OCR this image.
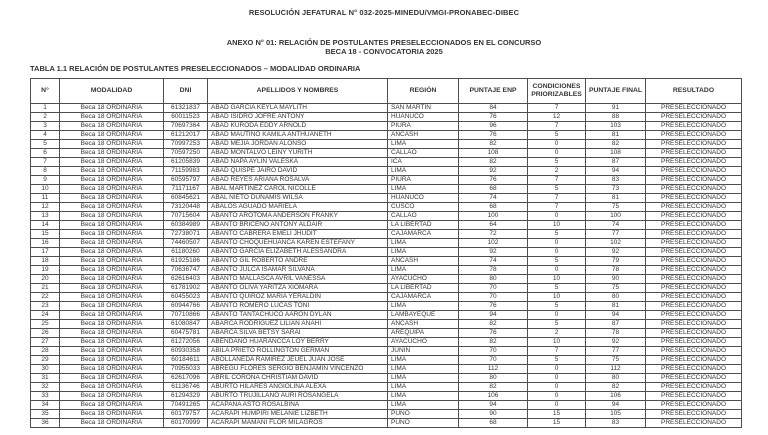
RESOLUCIÓN JEFATURAL N° 032-2025-MINEDU/VMGI-PRONABEC-DIBEC
ANEXO N° 01: RELACIÓN DE POSTULANTES PRESELECCIONADOS EN EL CONCURSO
BECA 18 - CONVOCATORIA 2025
TABLA 1.1 RELACIÓN DE POSTULANTES PRESELECCIONADOS – MODALIDAD ORDINARIA
N°	MODALIDAD	DNI	APELLIDOS Y NOMBRES	REGIÓN	PUNTAJE ENP	CONDICIONES PRIORIZABLES	PUNTAJE FINAL	RESULTADO
1	Beca 18 ORDINARIA	61321837	ABAD GARCIA KEYLA MAYLITH	SAN MARTIN	84	7	91	PRESELECCIONADO
2	Beca 18 ORDINARIA	60011523	ABAD ISIDRO JOFRE ANTONY	HUANUCO	76	12	88	PRESELECCIONADO
3	Beca 18 ORDINARIA	70697364	ABAD KURODA EDDY ARNOLD	PIURA	96	7	103	PRESELECCIONADO
4	Beca 18 ORDINARIA	61212017	ABAD MAUTINO KAMILA ANTHUANETH	ANCASH	76	5	81	PRESELECCIONADO
5	Beca 18 ORDINARIA	70997253	ABAD MEJIA JORDAN ALONSO	LIMA	82	0	82	PRESELECCIONADO
6	Beca 18 ORDINARIA	70597250	ABAD MONTALVO LEINY YURITH	CALLAO	108	0	108	PRESELECCIONADO
7	Beca 18 ORDINARIA	61205839	ABAD NAPA AYLIN VALESKA	ICA	82	5	87	PRESELECCIONADO
8	Beca 18 ORDINARIA	71159983	ABAD QUISPE JAIRO DAVID	LIMA	92	2	94	PRESELECCIONADO
9	Beca 18 ORDINARIA	60595797	ABAD REYES ARIANA ROSALVA	PIURA	76	7	83	PRESELECCIONADO
10	Beca 18 ORDINARIA	71171167	ABAL MARTINEZ CAROL NICOLLE	LIMA	68	5	73	PRESELECCIONADO
11	Beca 18 ORDINARIA	60845621	ABAL NIETO DUNAMIS WILSA	HUANUCO	74	7	81	PRESELECCIONADO
12	Beca 18 ORDINARIA	73120448	ABALOS AGUADO MARIELA	CUSCO	68	7	75	PRESELECCIONADO
13	Beca 18 ORDINARIA	70715604	ABANTO AROTOMA ANDERSON FRANKY	CALLAO	100	0	100	PRESELECCIONADO
14	Beca 18 ORDINARIA	60384989	ABANTO BRICEÑO ANTONY ALDAIR	LA LIBERTAD	64	10	74	PRESELECCIONADO
15	Beca 18 ORDINARIA	72738071	ABANTO CABRERA EMELI JHUDIT	CAJAMARCA	72	5	77	PRESELECCIONADO
16	Beca 18 ORDINARIA	74460507	ABANTO CHOQUEHUANCA KAREN ESTEFANY	LIMA	102	0	102	PRESELECCIONADO
17	Beca 18 ORDINARIA	61180260	ABANTO GARCIA ELIZABETH ALESSANDRA	LIMA	92	0	92	PRESELECCIONADO
18	Beca 18 ORDINARIA	61925186	ABANTO GIL ROBERTO ANDRE	ANCASH	74	5	79	PRESELECCIONADO
19	Beca 18 ORDINARIA	70636747	ABANTO JULCA ISAMAR SILVANA	LIMA	78	0	78	PRESELECCIONADO
20	Beca 18 ORDINARIA	62616403	ABANTO MALLASCA AVRIL VANESSA	AYACUCHO	80	10	90	PRESELECCIONADO
21	Beca 18 ORDINARIA	61781902	ABANTO OLIVA YARITZA XIOMARA	LA LIBERTAD	70	5	75	PRESELECCIONADO
22	Beca 18 ORDINARIA	60455023	ABANTO QUIROZ MARIA YERALDIN	CAJAMARCA	70	10	80	PRESELECCIONADO
23	Beca 18 ORDINARIA	60944766	ABANTO ROMERO LUCAS TONI	LIMA	76	5	81	PRESELECCIONADO
24	Beca 18 ORDINARIA	70710866	ABANTO TANTACHUCO AARON DYLAN	LAMBAYEQUE	94	0	94	PRESELECCIONADO
25	Beca 18 ORDINARIA	61080847	ABARCA RODRIGUEZ LILIAN ANAHI	ANCASH	82	5	87	PRESELECCIONADO
26	Beca 18 ORDINARIA	60475781	ABARCA SILVA BETSY SARAI	AREQUIPA	76	2	78	PRESELECCIONADO
27	Beca 18 ORDINARIA	61272056	ABENDAÑO HUARANCCA LOY BERRY	AYACUCHO	82	10	92	PRESELECCIONADO
28	Beca 18 ORDINARIA	60930358	ABILA PRIETO ROLLINGTON GERMAN	JUNIN	70	7	77	PRESELECCIONADO
29	Beca 18 ORDINARIA	60184611	ABOLLANEDA RAMIREZ JEUEL JUAN JOSE	LIMA	70	5	75	PRESELECCIONADO
30	Beca 18 ORDINARIA	70955033	ABREGÚ FLORES SERGIO BENJAMIN VINCENZO	LIMA	112	0	112	PRESELECCIONADO
31	Beca 18 ORDINARIA	62617096	ABRIL CORONA CHRISTIAM DAVID	LIMA	80	0	80	PRESELECCIONADO
32	Beca 18 ORDINARIA	61136746	ABURTO HILARES ANGIOLINA ALEXA	LIMA	82	0	82	PRESELECCIONADO
33	Beca 18 ORDINARIA	61294329	ABURTO TRUJILLANO AURI ROSANGELA	LIMA	106	0	106	PRESELECCIONADO
34	Beca 18 ORDINARIA	70491265	ACAPANA ASTO ROSALBINA	LIMA	94	0	94	PRESELECCIONADO
35	Beca 18 ORDINARIA	60179757	ACARAPI HUMPIRI MELANIE LIZBETH	PUNO	90	15	105	PRESELECCIONADO
36	Beca 18 ORDINARIA	60170999	ACARAPI MAMANI FLOR MILAGROS	PUNO	68	15	83	PRESELECCIONADO
